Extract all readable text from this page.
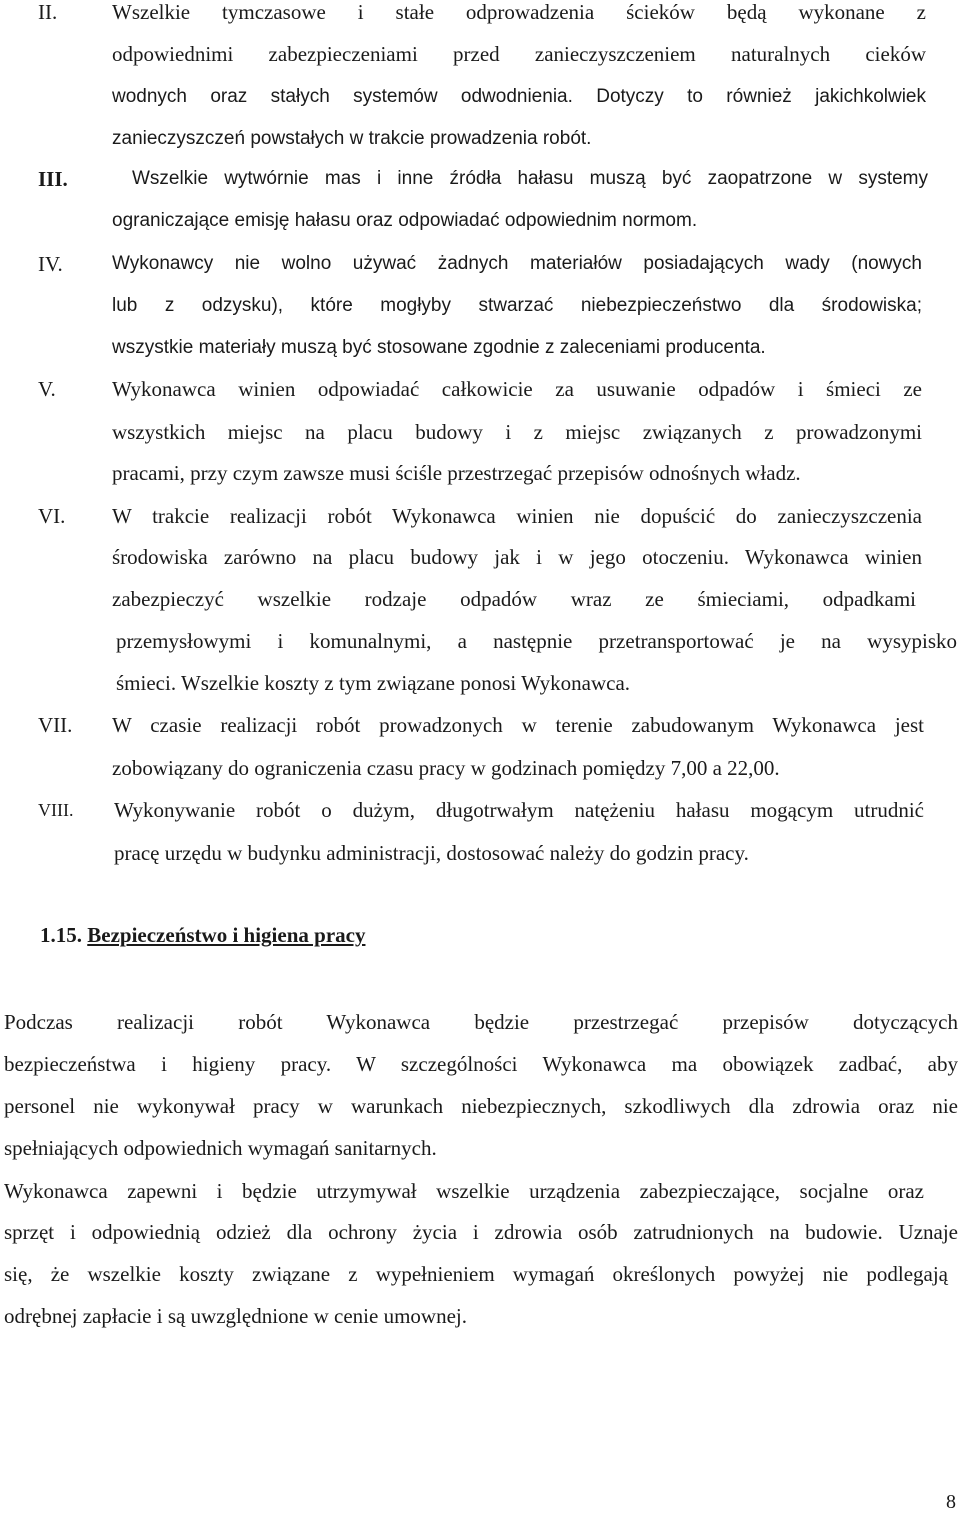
II.	Wszelkie tymczasowe i stałe odprowadzenia ścieków będą wykonane z
odpowiednimi zabezpieczeniami przed zanieczyszczeniem naturalnych cieków
wodnych oraz stałych systemów odwodnienia. Dotyczy to również jakichkolwiek
zanieczyszczeń powstałych w trakcie prowadzenia robót.
III.	Wszelkie wytwórnie mas i inne źródła hałasu muszą być zaopatrzone w systemy
ograniczające emisję hałasu oraz odpowiadać odpowiednim normom.
IV.	Wykonawcy nie wolno używać żadnych materiałów posiadających wady (nowych
lub z odzysku), które mogłyby stwarzać niebezpieczeństwo dla środowiska;
wszystkie materiały muszą być stosowane zgodnie z zaleceniami producenta.
V.	Wykonawca winien odpowiadać całkowicie za usuwanie odpadów i śmieci ze
wszystkich miejsc na placu budowy i z miejsc związanych z prowadzonymi
pracami, przy czym zawsze musi ściśle przestrzegać przepisów odnośnych władz.
VI. W trakcie realizacji robót Wykonawca winien nie dopuścić do zanieczyszczenia
środowiska zarówno na placu budowy jak i w jego otoczeniu. Wykonawca winien
zabezpieczyć wszelkie rodzaje odpadów wraz ze śmieciami, odpadkami
przemysłowymi i komunalnymi, a następnie przetransportować je na wysypisko
śmieci. Wszelkie koszty z tym związane ponosi Wykonawca.
VII. W czasie realizacji robót prowadzonych w terenie zabudowanym Wykonawca jest
zobowiązany do ograniczenia czasu pracy w godzinach pomiędzy 7,00 a 22,00.
VIII. Wykonywanie robót o dużym, długotrwałym natężeniu hałasu mogącym utrudnić
pracę urzędu w budynku administracji, dostosować należy do godzin pracy.
1.15. Bezpieczeństwo i higiena pracy
Podczas realizacji robót Wykonawca będzie przestrzegać przepisów dotyczących
bezpieczeństwa i higieny pracy. W szczególności Wykonawca ma obowiązek zadbać, aby
personel nie wykonywał pracy w warunkach niebezpiecznych, szkodliwych dla zdrowia oraz nie
spełniających odpowiednich wymagań sanitarnych.
Wykonawca zapewni i będzie utrzymywał wszelkie urządzenia zabezpieczające, socjalne oraz
sprzęt i odpowiednią odzież dla ochrony życia i zdrowia osób zatrudnionych na budowie. Uznaje
się, że wszelkie koszty związane z wypełnieniem wymagań określonych powyżej nie podlegają
odrębnej zapłacie i są uwzględnione w cenie umownej.
8
